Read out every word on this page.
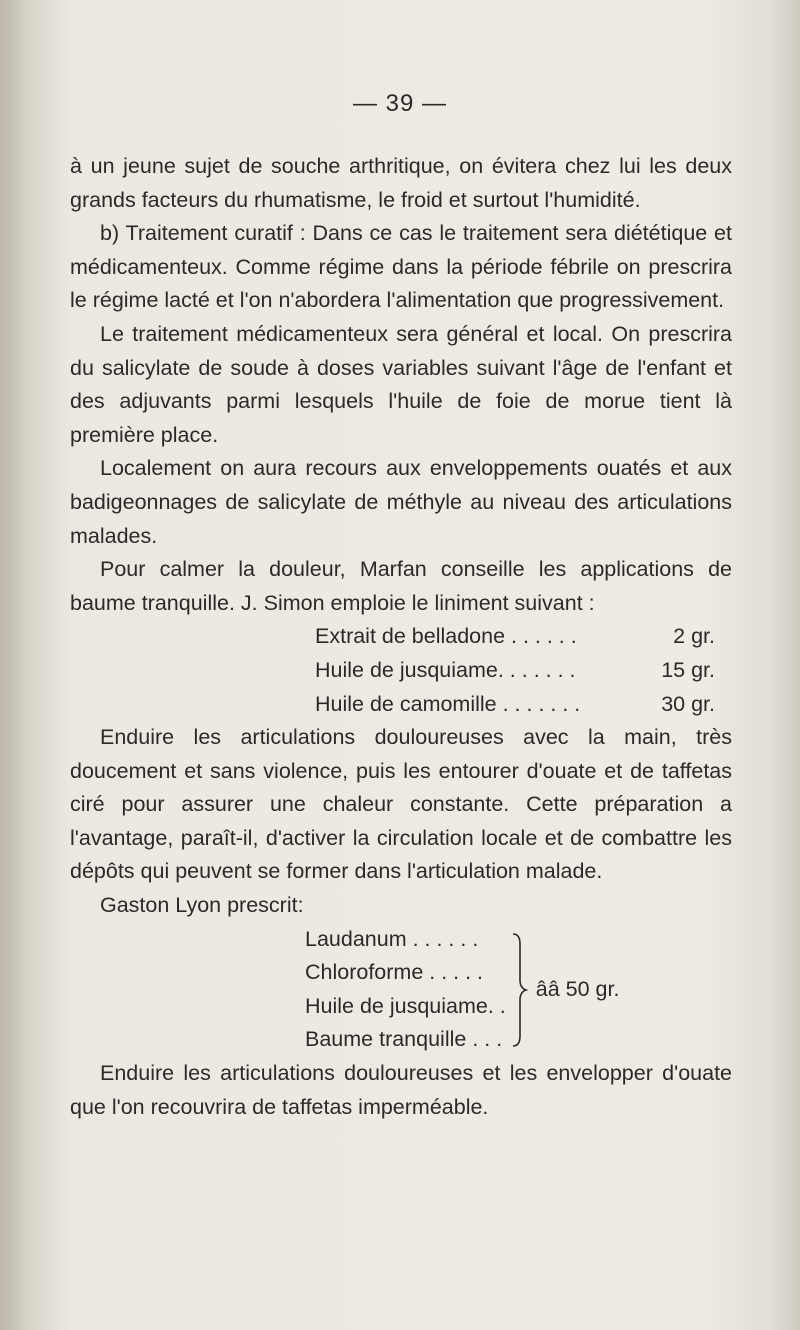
— 39 —

à un jeune sujet de souche arthritique, on évitera chez lui les deux grands facteurs du rhumatisme, le froid et surtout l'humidité.

b) Traitement curatif : Dans ce cas le traitement sera diététique et médicamenteux. Comme régime dans la période fébrile on prescrira le régime lacté et l'on n'abordera l'alimentation que progressivement.

Le traitement médicamenteux sera général et local. On prescrira du salicylate de soude à doses variables suivant l'âge de l'enfant et des adjuvants parmi lesquels l'huile de foie de morue tient là première place.

Localement on aura recours aux enveloppements ouatés et aux badigeonnages de salicylate de méthyle au niveau des articulations malades.

Pour calmer la douleur, Marfan conseille les applications de baume tranquille. J. Simon emploie le liniment suivant :

Extrait de belladone . . . . . .	2 gr.
Huile de jusquiame. . . . . . .	15 gr.
Huile de camomille . . . . . . .	30 gr.

Enduire les articulations douloureuses avec la main, très doucement et sans violence, puis les entourer d'ouate et de taffetas ciré pour assurer une chaleur constante. Cette préparation a l'avantage, paraît-il, d'activer la circulation locale et de combattre les dépôts qui peuvent se former dans l'articulation malade.

Gaston Lyon prescrit:

Laudanum . . . . . .
Chloroforme . . . . .
Huile de jusquiame. .
Baume tranquille . . .
ââ 50 gr.

Enduire les articulations douloureuses et les envelopper d'ouate que l'on recouvrira de taffetas imperméable.
